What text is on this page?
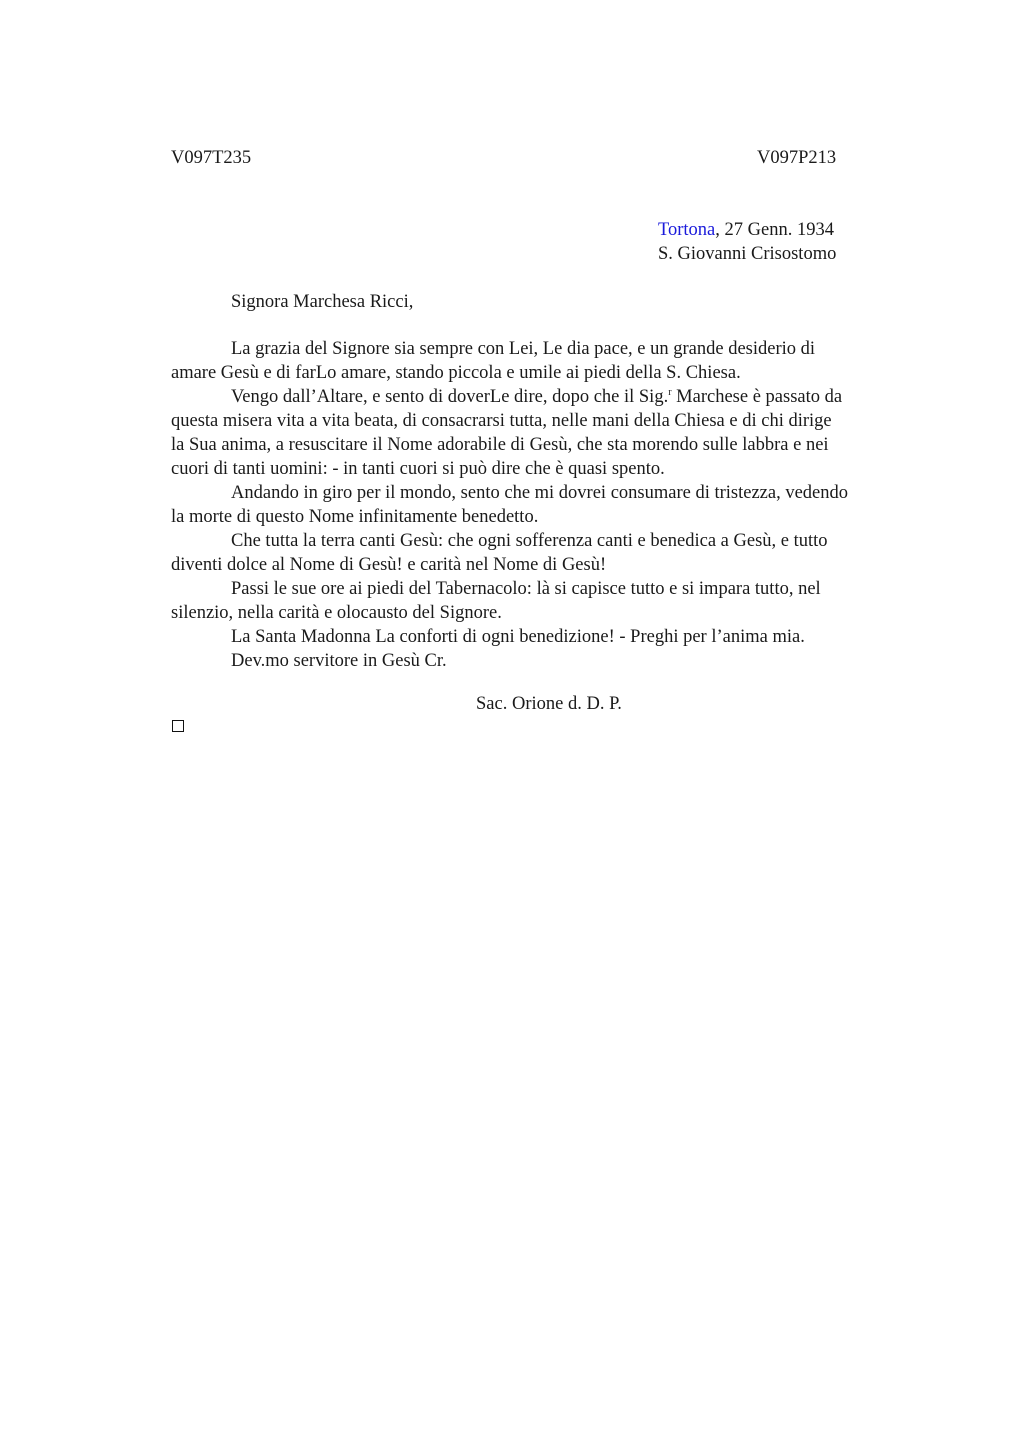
V097T235	V097P213
Tortona, 27 Genn. 1934
S. Giovanni Crisostomo
Signora Marchesa Ricci,

La grazia del Signore sia sempre con Lei, Le dia pace, e un grande desiderio di
amare Gesù e di farLo amare, stando piccola e umile ai piedi della S. Chiesa.

Vengo dall’Altare, e sento di doverLe dire, dopo che il Sig.$^r$ Marchese è passato da
questa misera vita a vita beata, di consacrarsi tutta, nelle mani della Chiesa e di chi dirige
la Sua anima, a resuscitare il Nome adorabile di Gesù, che sta morendo sulle labbra e nei
cuori di tanti uomini: - in tanti cuori si può dire che è quasi spento.

Andando in giro per il mondo, sento che mi dovrei consumare di tristezza, vedendo
la morte di questo Nome infinitamente benedetto.

Che tutta la terra canti Gesù: che ogni sofferenza canti e benedica a Gesù, e tutto
diventi dolce al Nome di Gesù! e carità nel Nome di Gesù!

Passi le sue ore ai piedi del Tabernacolo: là si capisce tutto e si impara tutto, nel
silenzio, nella carità e olocausto del Signore.

La Santa Madonna La conforti di ogni benedizione! - Preghi per l’anima mia.

Dev.mo servitore in Gesù Cr.

Sac. Orione d. D. P.
